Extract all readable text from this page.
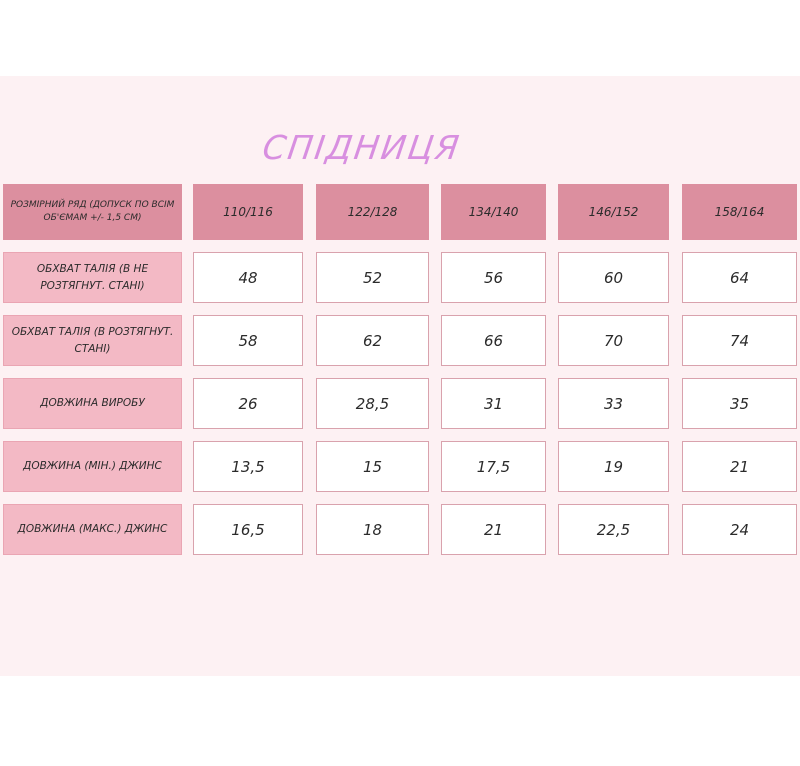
СПІДНИЦЯ
РОЗМІРНИЙ РЯД (ДОПУСК ПО ВСІМ ОБ'ЄМАМ +/- 1,5 СМ)	110/116	122/128	134/140	146/152	158/164
ОБХВАТ ТАЛІЯ (В НЕ РОЗТЯГНУТ. СТАНІ)	48	52	56	60	64
ОБХВАТ ТАЛІЯ (В РОЗТЯГНУТ. СТАНІ)	58	62	66	70	74
ДОВЖИНА ВИРОБУ	26	28,5	31	33	35
ДОВЖИНА (МІН.) ДЖИНС	13,5	15	17,5	19	21
ДОВЖИНА (МАКС.) ДЖИНС	16,5	18	21	22,5	24
